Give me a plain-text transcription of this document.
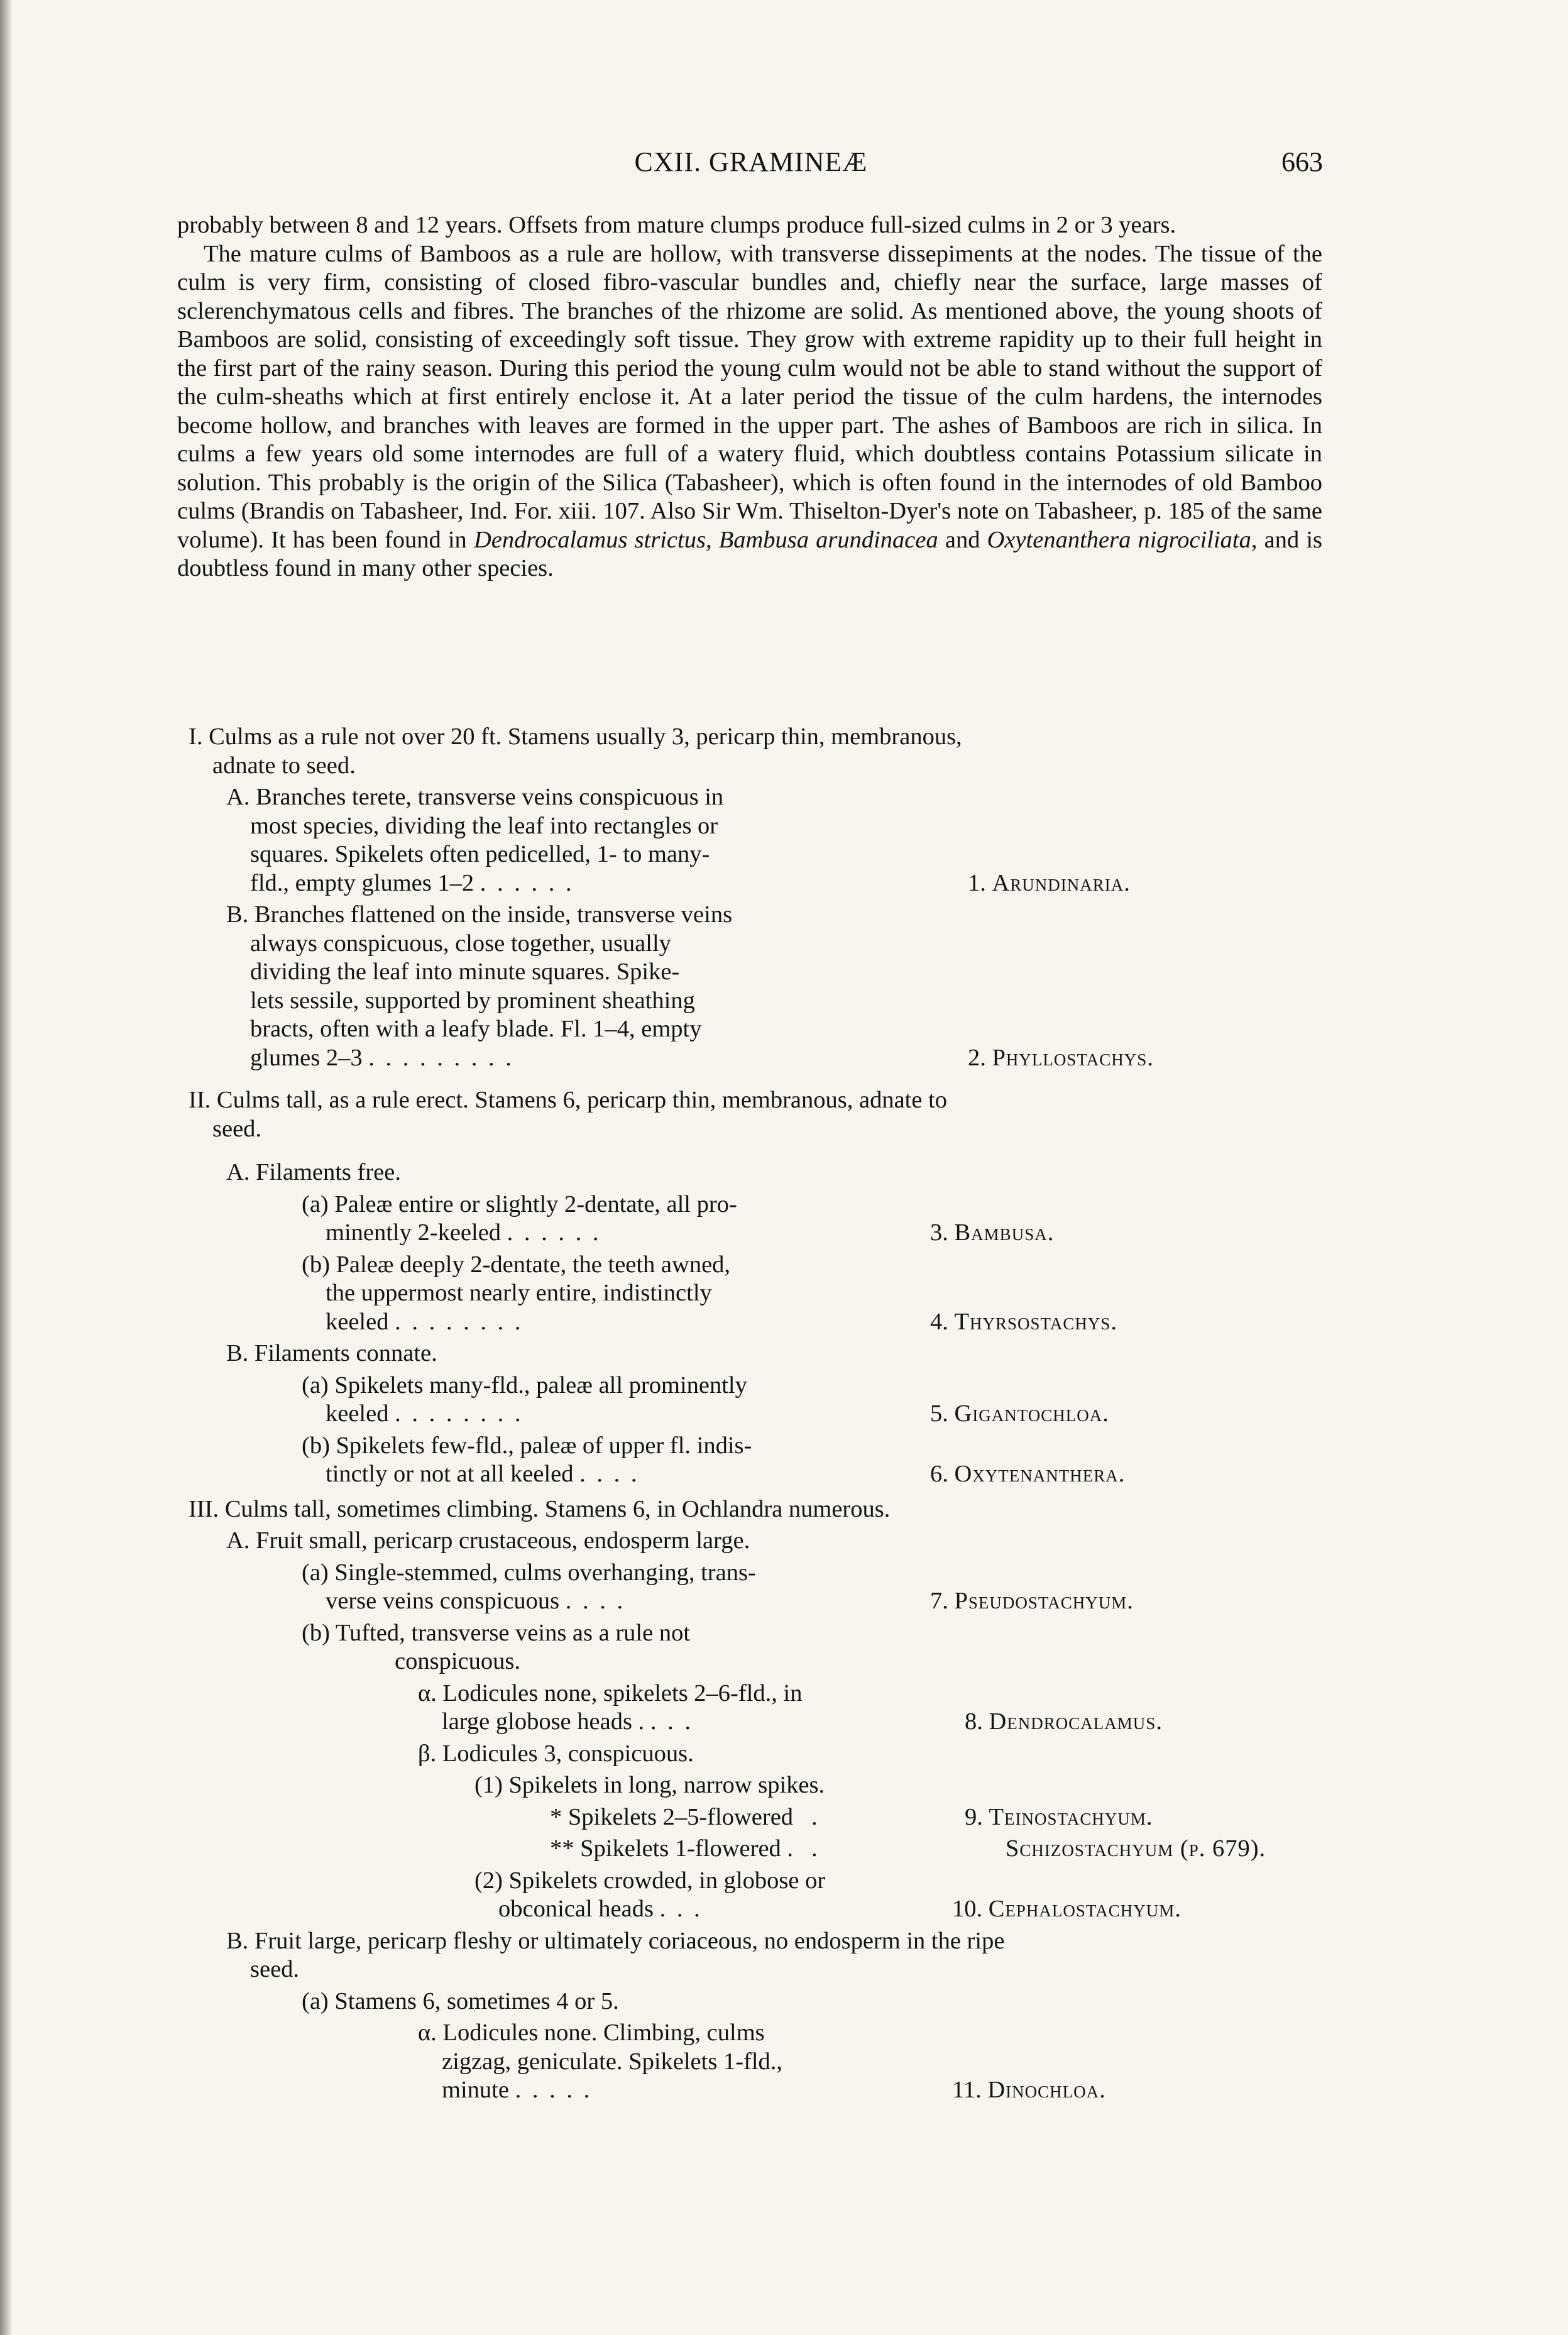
CXII. GRAMINEÆ	663

probably between 8 and 12 years. Offsets from mature clumps produce full-sized culms in 2 or 3 years.

The mature culms of Bamboos as a rule are hollow, with transverse dissepiments at the nodes. The tissue of the culm is very firm, consisting of closed fibro-vascular bundles and, chiefly near the surface, large masses of sclerenchymatous cells and fibres. The branches of the rhizome are solid. As mentioned above, the young shoots of Bamboos are solid, consisting of exceedingly soft tissue. They grow with extreme rapidity up to their full height in the first part of the rainy season. During this period the young culm would not be able to stand without the support of the culm-sheaths which at first entirely enclose it. At a later period the tissue of the culm hardens, the internodes become hollow, and branches with leaves are formed in the upper part. The ashes of Bamboos are rich in silica. In culms a few years old some internodes are full of a watery fluid, which doubtless contains Potassium silicate in solution. This probably is the origin of the Silica (Tabasheer), which is often found in the internodes of old Bamboo culms (Brandis on Tabasheer, Ind. For. xiii. 107. Also Sir Wm. Thiselton-Dyer's note on Tabasheer, p. 185 of the same volume). It has been found in Dendrocalamus strictus, Bambusa arundinacea and Oxytenanthera nigrociliata, and is doubtless found in many other species.

I. Culms as a rule not over 20 ft. Stamens usually 3, pericarp thin, membranous,
adnate to seed.
A. Branches terete, transverse veins conspicuous in
most species, dividing the leaf into rectangles or
squares. Spikelets often pedicelled, 1- to many-
fld., empty glumes 1–2 . . . . . .	1. Arundinaria.
B. Branches flattened on the inside, transverse veins
always conspicuous, close together, usually
dividing the leaf into minute squares. Spike-
lets sessile, supported by prominent sheathing
bracts, often with a leafy blade. Fl. 1–4, empty
glumes 2–3 . . . . . . . . .	2. Phyllostachys.
II. Culms tall, as a rule erect. Stamens 6, pericarp thin, membranous, adnate to
seed.
A. Filaments free.
(a) Paleæ entire or slightly 2-dentate, all pro-
minently 2-keeled . . . . . .	3. Bambusa.
(b) Paleæ deeply 2-dentate, the teeth awned,
the uppermost nearly entire, indistinctly
keeled . . . . . . . .	4. Thyrsostachys.
B. Filaments connate.
(a) Spikelets many-fld., paleæ all prominently
keeled . . . . . . . .	5. Gigantochloa.
(b) Spikelets few-fld., paleæ of upper fl. indis-
tinctly or not at all keeled . . . .	6. Oxytenanthera.
III. Culms tall, sometimes climbing. Stamens 6, in Ochlandra numerous.
A. Fruit small, pericarp crustaceous, endosperm large.
(a) Single-stemmed, culms overhanging, trans-
verse veins conspicuous . . . .	7. Pseudostachyum.
(b) Tufted, transverse veins as a rule not
conspicuous.
α. Lodicules none, spikelets 2–6-fld., in
large globose heads . . . .	8. Dendrocalamus.
β. Lodicules 3, conspicuous.
(1) Spikelets in long, narrow spikes.
* Spikelets 2–5-flowered .	9. Teinostachyum.
** Spikelets 1-flowered . .	Schizostachyum (p. 679).
(2) Spikelets crowded, in globose or
obconical heads . . .	10. Cephalostachyum.
B. Fruit large, pericarp fleshy or ultimately coriaceous, no endosperm in the ripe
seed.
(a) Stamens 6, sometimes 4 or 5.
α. Lodicules none. Climbing, culms
zigzag, geniculate. Spikelets 1-fld.,
minute . . . . .	11. Dinochloa.
